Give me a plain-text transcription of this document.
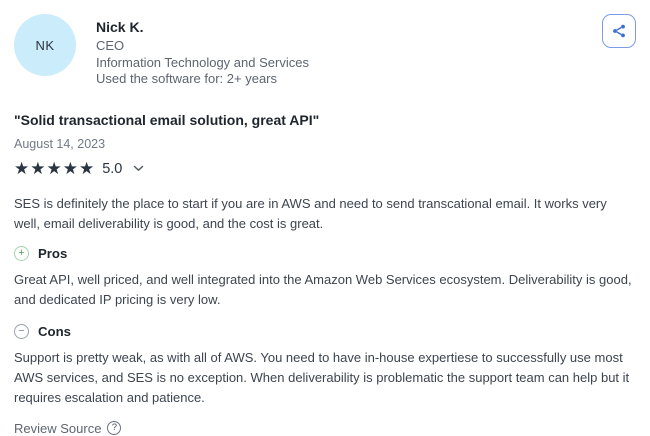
NK
Nick K.
CEO
Information Technology and Services
Used the software for: 2+ years
"Solid transactional email solution, great API"
August 14, 2023
★★★★★ 5.0

SES is definitely the place to start if you are in AWS and need to send transcational email. It works very well, email deliverability is good, and the cost is great.

+	Pros

Great API, well priced, and well integrated into the Amazon Web Services ecosystem. Deliverability is good, and dedicated IP pricing is very low.

−	Cons

Support is pretty weak, as with all of AWS. You need to have in-house expertiese to successfully use most AWS services, and SES is no exception. When deliverability is problematic the support team can help but it requires escalation and patience.

Review Source	?
